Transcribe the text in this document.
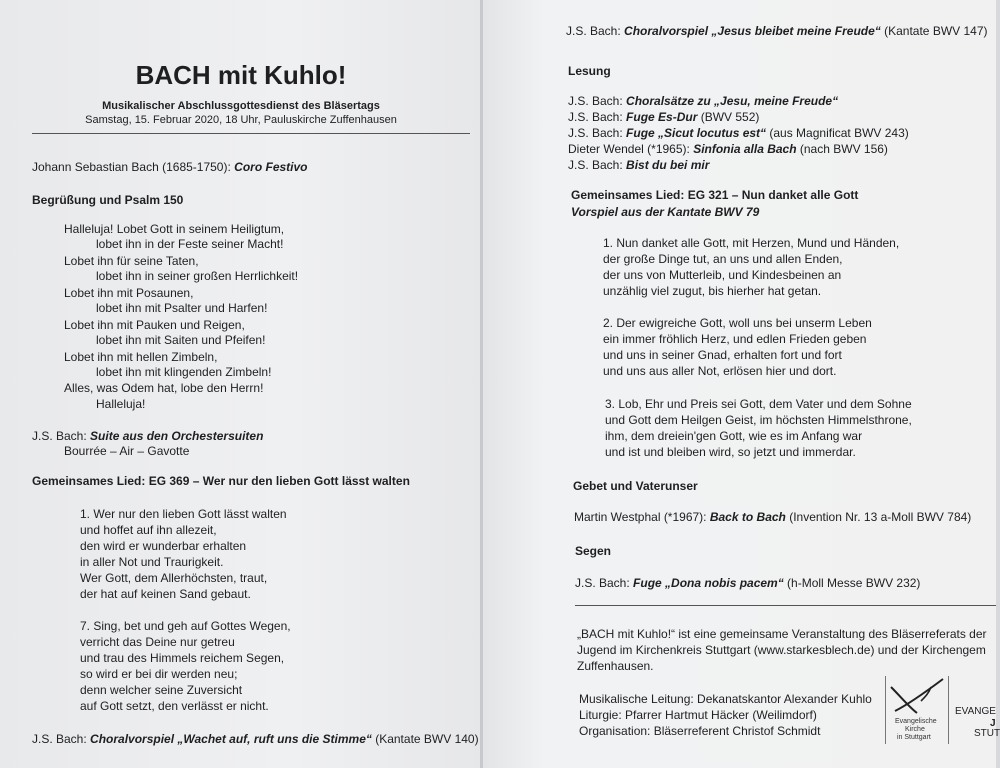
BACH mit Kuhlo!
Musikalischer Abschlussgottesdienst des Bläsertags
Samstag, 15. Februar 2020, 18 Uhr, Pauluskirche Zuffenhausen
Johann Sebastian Bach (1685-1750): Coro Festivo
Begrüßung und Psalm 150
Halleluja! Lobet Gott in seinem Heiligtum,
lobet ihn in der Feste seiner Macht!
Lobet ihn für seine Taten,
lobet ihn in seiner großen Herrlichkeit!
Lobet ihn mit Posaunen,
lobet ihn mit Psalter und Harfen!
Lobet ihn mit Pauken und Reigen,
lobet ihn mit Saiten und Pfeifen!
Lobet ihn mit hellen Zimbeln,
lobet ihn mit klingenden Zimbeln!
Alles, was Odem hat, lobe den Herrn!
Halleluja!
J.S. Bach: Suite aus den Orchestersuiten
Bourrée – Air – Gavotte
Gemeinsames Lied: EG 369 – Wer nur den lieben Gott lässt walten
1. Wer nur den lieben Gott lässt walten
und hoffet auf ihn allezeit,
den wird er wunderbar erhalten
in aller Not und Traurigkeit.
Wer Gott, dem Allerhöchsten, traut,
der hat auf keinen Sand gebaut.
7. Sing, bet und geh auf Gottes Wegen,
verricht das Deine nur getreu
und trau des Himmels reichem Segen,
so wird er bei dir werden neu;
denn welcher seine Zuversicht
auf Gott setzt, den verlässt er nicht.
J.S. Bach: Choralvorspiel „Wachet auf, ruft uns die Stimme“ (Kantate BWV 140)
J.S. Bach: Choralvorspiel „Jesus bleibet meine Freude“ (Kantate BWV 147)
Lesung
J.S. Bach: Choralsätze zu „Jesu, meine Freude“
J.S. Bach: Fuge Es-Dur (BWV 552)
J.S. Bach: Fuge „Sicut locutus est“ (aus Magnificat BWV 243)
Dieter Wendel (*1965): Sinfonia alla Bach (nach BWV 156)
J.S. Bach: Bist du bei mir
Gemeinsames Lied: EG 321 – Nun danket alle Gott
Vorspiel aus der Kantate BWV 79
1. Nun danket alle Gott, mit Herzen, Mund und Händen,
der große Dinge tut, an uns und allen Enden,
der uns von Mutterleib, und Kindesbeinen an
unzählig viel zugut, bis hierher hat getan.
2. Der ewigreiche Gott, woll uns bei unserm Leben
ein immer fröhlich Herz, und edlen Frieden geben
und uns in seiner Gnad, erhalten fort und fort
und uns aus aller Not, erlösen hier und dort.
3. Lob, Ehr und Preis sei Gott, dem Vater und dem Sohne
und Gott dem Heilgen Geist, im höchsten Himmelsthrone,
ihm, dem dreiein'gen Gott, wie es im Anfang war
und ist und bleiben wird, so jetzt und immerdar.
Gebet und Vaterunser
Martin Westphal (*1967): Back to Bach (Invention Nr. 13 a-Moll BWV 784)
Segen
J.S. Bach: Fuge „Dona nobis pacem“ (h-Moll Messe BWV 232)
„BACH mit Kuhlo!“ ist eine gemeinsame Veranstaltung des Bläserreferats der
Jugend im Kirchenkreis Stuttgart (www.starkesblech.de) und der Kirchengem
Zuffenhausen.
Musikalische Leitung: Dekanatskantor Alexander Kuhlo
Liturgie: Pfarrer Hartmut Häcker (Weilimdorf)
Organisation: Bläserreferent Christof Schmidt
Evangelische
Kirche
in Stuttgart
EVANGE
J
STUT
